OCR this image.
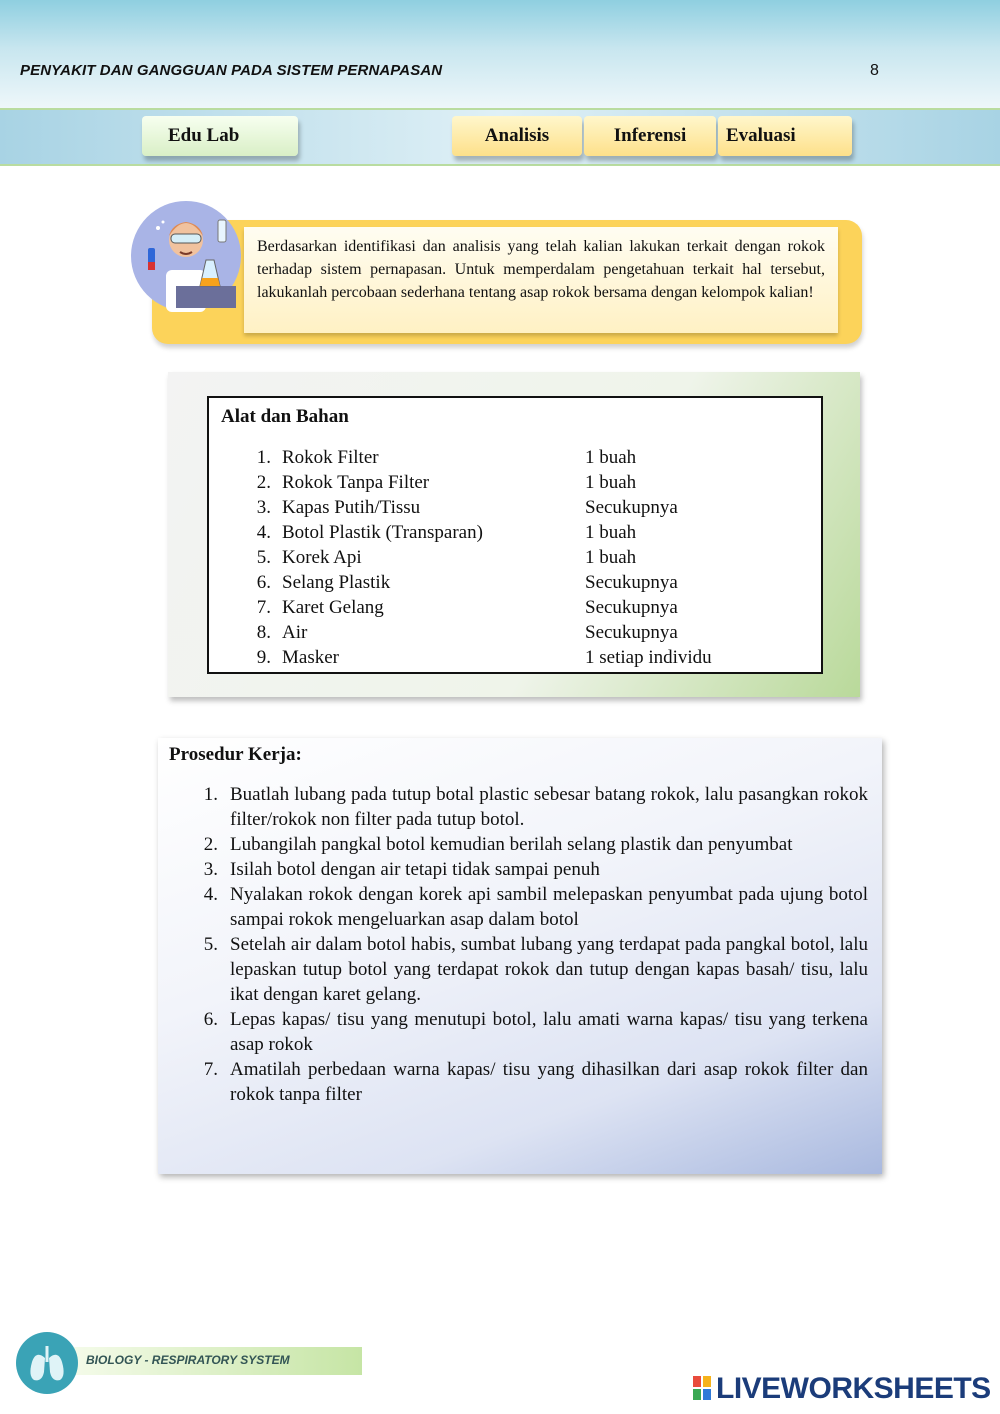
PENYAKIT DAN GANGGUAN PADA SISTEM PERNAPASAN	8
Edu Lab	Analisis	Inferensi	Evaluasi
Berdasarkan identifikasi dan analisis yang telah kalian lakukan terkait dengan rokok terhadap sistem pernapasan. Untuk memperdalam pengetahuan terkait hal tersebut, lakukanlah percobaan sederhana tentang asap rokok bersama dengan kelompok kalian!
Alat dan Bahan
1. Rokok Filter	1 buah
2. Rokok Tanpa Filter	1 buah
3. Kapas Putih/Tissu	Secukupnya
4. Botol Plastik (Transparan)	1 buah
5. Korek Api	1 buah
6. Selang Plastik	Secukupnya
7. Karet Gelang	Secukupnya
8. Air	Secukupnya
9. Masker	1 setiap individu
Prosedur Kerja:
1. Buatlah lubang pada tutup botal plastic sebesar batang rokok, lalu pasangkan rokok filter/rokok non filter pada tutup botol.
2. Lubangilah pangkal botol kemudian berilah selang plastik dan penyumbat
3. Isilah botol dengan air tetapi tidak sampai penuh
4. Nyalakan rokok dengan korek api sambil melepaskan penyumbat pada ujung botol sampai rokok mengeluarkan asap dalam botol
5. Setelah air dalam botol habis, sumbat lubang yang terdapat pada pangkal botol, lalu lepaskan tutup botol yang terdapat rokok dan tutup dengan kapas basah/ tisu, lalu ikat dengan karet gelang.
6. Lepas kapas/ tisu yang menutupi botol, lalu amati warna kapas/ tisu yang terkena asap rokok
7. Amatilah perbedaan warna kapas/ tisu yang dihasilkan dari asap rokok filter dan rokok tanpa filter
BIOLOGY - RESPIRATORY SYSTEM
LIVEWORKSHEETS
